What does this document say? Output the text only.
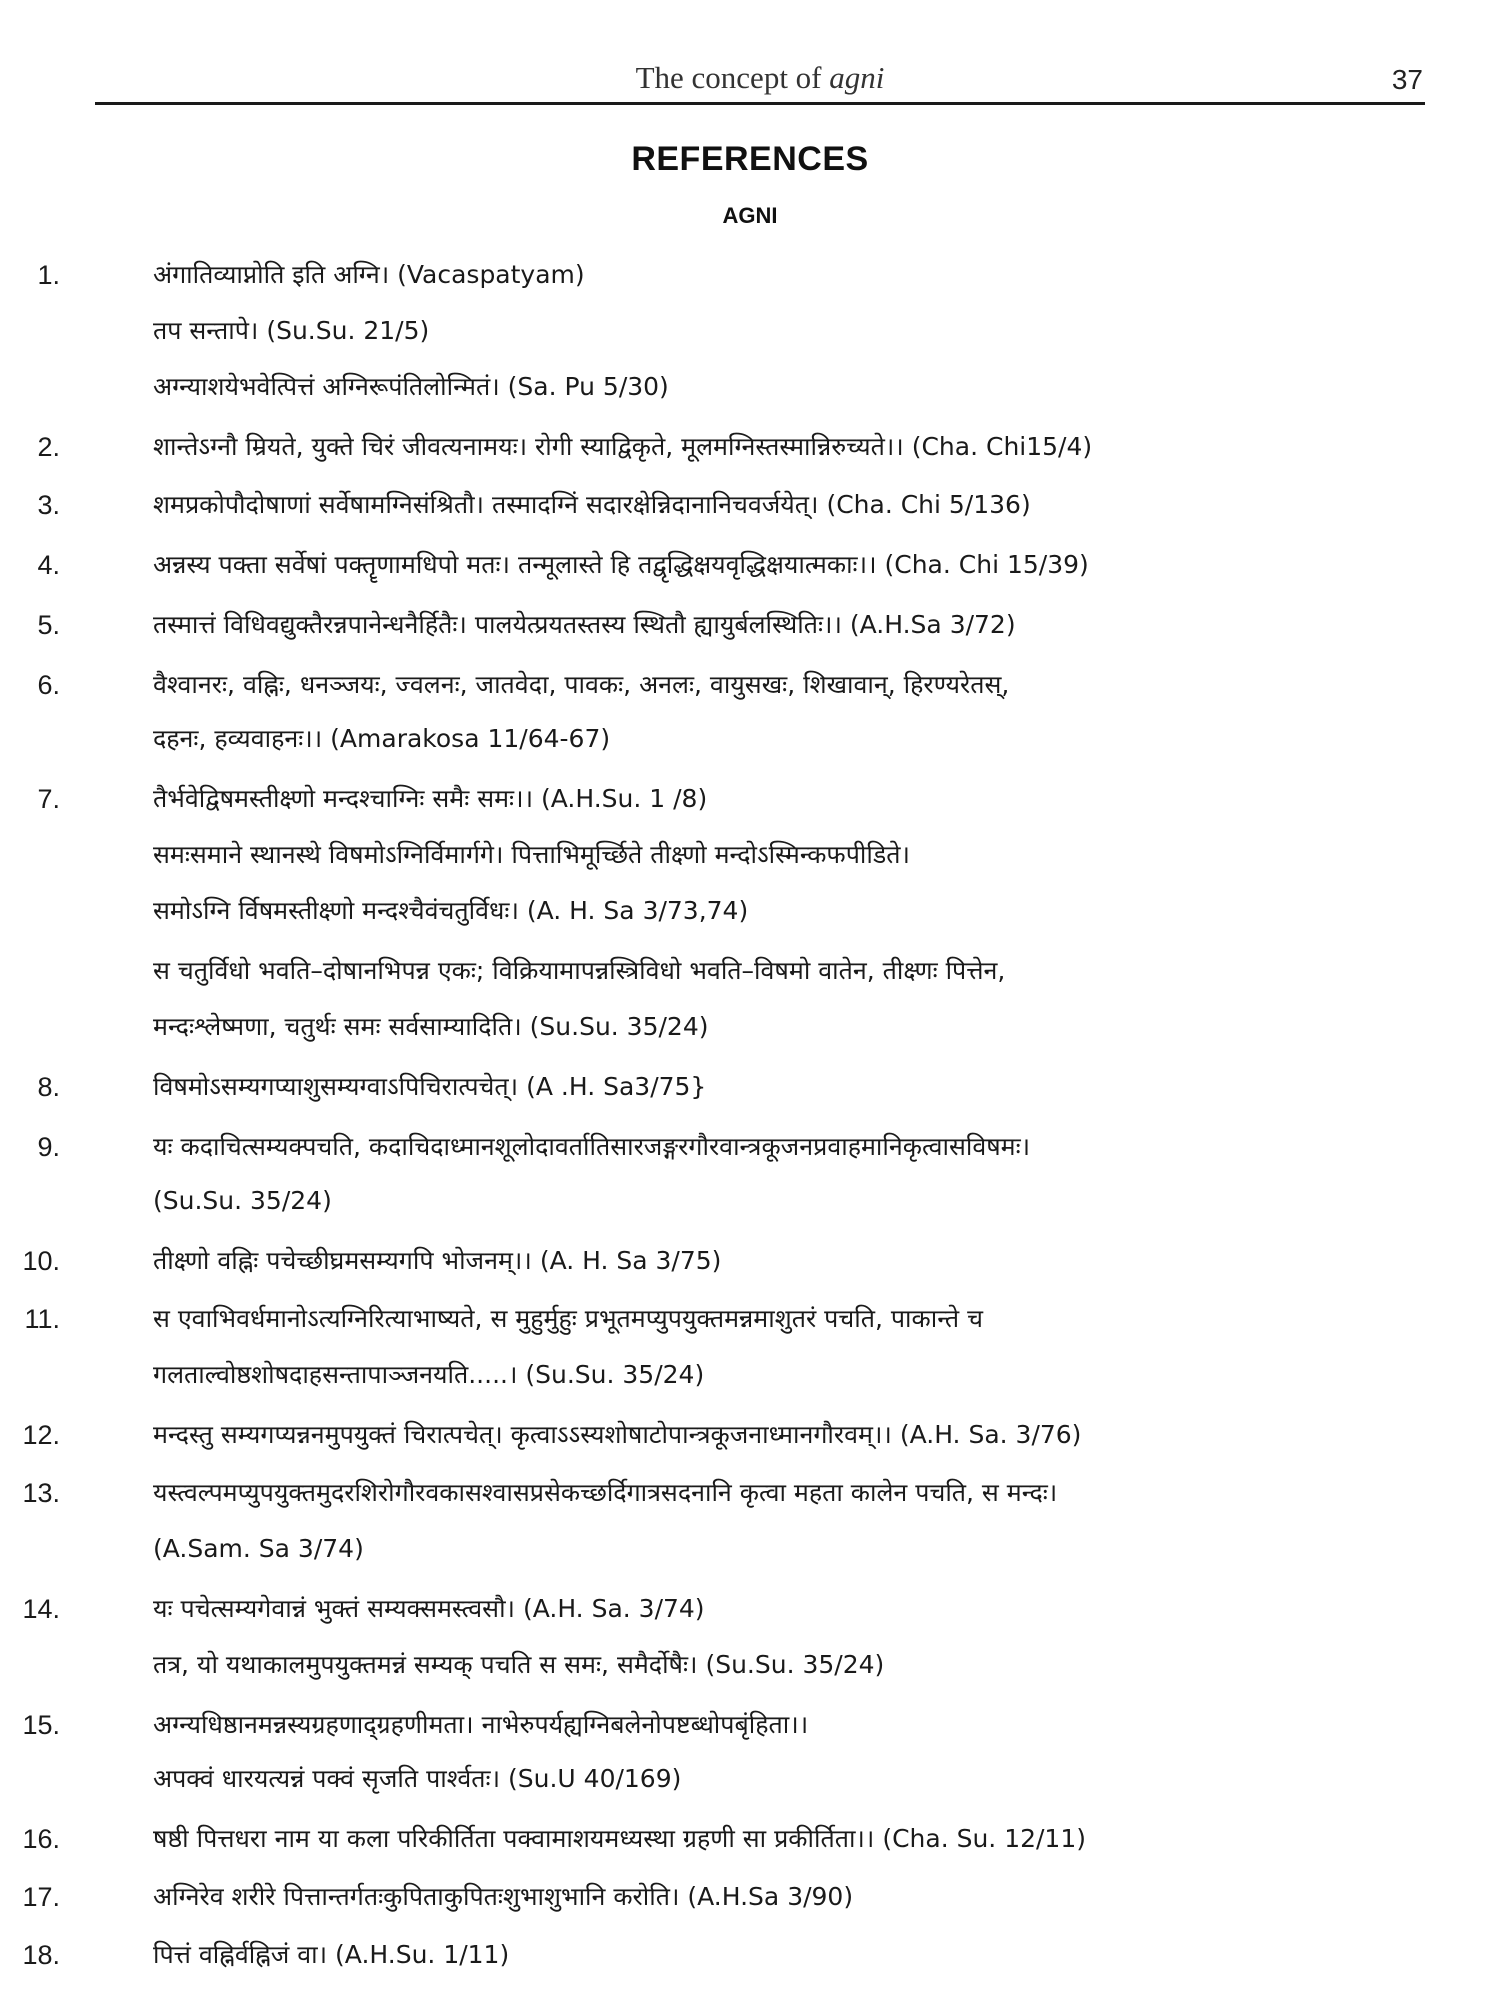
The concept of agni	37
REFERENCES
AGNI
1.	अंगातिव्याप्नोति इति अग्नि। (Vacaspatyam)
तप सन्तापे। (Su.Su. 21/5)
अग्न्याशयेभवेत्पित्तं अग्निरूपंतिलोन्मितं। (Sa. Pu 5/30)
2.	शान्तेऽग्नौ म्रियते, युक्ते चिरं जीवत्यनामयः। रोगी स्याद्विकृते, मूलमग्निस्तस्मान्निरुच्यते।। (Cha. Chi15/4)
3.	शमप्रकोपौदोषाणां सर्वेषामग्निसंश्रितौ। तस्मादग्निं सदारक्षेन्निदानानिचवर्जयेत्। (Cha. Chi 5/136)
4.	अन्नस्य पक्ता सर्वेषां पक्तॄणामधिपो मतः। तन्मूलास्ते हि तद्वृद्धिक्षयवृद्धिक्षयात्मकाः।। (Cha. Chi 15/39)
5.	तस्मात्तं विधिवद्युक्तैरन्नपानेन्धनैर्हितैः। पालयेत्प्रयतस्तस्य स्थितौ ह्यायुर्बलस्थितिः।। (A.H.Sa 3/72)
6.	वैश्वानरः, वह्निः, धनञ्जयः, ज्वलनः, जातवेदा, पावकः, अनलः, वायुसखः, शिखावान्, हिरण्यरेतस्,
दहनः, हव्यवाहनः।। (Amarakosa 11/64-67)
7.	तैर्भवेद्विषमस्तीक्ष्णो मन्दश्चाग्निः समैः समः।। (A.H.Su. 1 /8)
समःसमाने स्थानस्थे विषमोऽग्निर्विमार्गगे। पित्ताभिमूर्च्छिते तीक्ष्णो मन्दोऽस्मिन्कफपीडिते।
समोऽग्नि र्विषमस्तीक्ष्णो मन्दश्चैवंचतुर्विधः। (A. H. Sa 3/73,74)
स चतुर्विधो भवति–दोषानभिपन्न एकः; विक्रियामापन्नस्त्रिविधो भवति–विषमो वातेन, तीक्ष्णः पित्तेन,
मन्दःश्लेष्मणा, चतुर्थः समः सर्वसाम्यादिति। (Su.Su. 35/24)
8.	विषमोऽसम्यगप्याशुसम्यग्वाऽपिचिरात्पचेत्। (A .H. Sa3/75}
9.	यः कदाचित्सम्यक्पचति, कदाचिदाध्मानशूलोदावर्तातिसारजङ्गरगौरवान्त्रकूजनप्रवाहमानिकृत्वासविषमः।
(Su.Su. 35/24)
10.	तीक्ष्णो वह्निः पचेच्छीघ्रमसम्यगपि भोजनम्।। (A. H. Sa 3/75)
11.	स एवाभिवर्धमानोऽत्यग्निरित्याभाष्यते, स मुहुर्मुहुः प्रभूतमप्युपयुक्तमन्नमाशुतरं पचति, पाकान्ते च
गलताल्वोष्ठशोषदाहसन्तापाञ्जनयति.....। (Su.Su. 35/24)
12.	मन्दस्तु सम्यगप्यन्ननमुपयुक्तं चिरात्पचेत्। कृत्वाऽऽस्यशोषाटोपान्त्रकूजनाध्मानगौरवम्।। (A.H. Sa. 3/76)
13.	यस्त्वल्पमप्युपयुक्तमुदरशिरोगौरवकासश्वासप्रसेकच्छर्दिगात्रसदनानि कृत्वा महता कालेन पचति, स मन्दः।
(A.Sam. Sa 3/74)
14.	यः पचेत्सम्यगेवान्नं भुक्तं सम्यक्समस्त्वसौ। (A.H. Sa. 3/74)
तत्र, यो यथाकालमुपयुक्तमन्नं सम्यक् पचति स समः, समैर्दोषैः। (Su.Su. 35/24)
15.	अग्न्यधिष्ठानमन्नस्यग्रहणाद्ग्रहणीमता। नाभेरुपर्यह्यग्निबलेनोपष्टब्धोपबृंहिता।।
अपक्वं धारयत्यन्नं पक्वं सृजति पार्श्वतः। (Su.U 40/169)
16.	षष्ठी पित्तधरा नाम या कला परिकीर्तिता पक्वामाशयमध्यस्था ग्रहणी सा प्रकीर्तिता।। (Cha. Su. 12/11)
17.	अग्निरेव शरीरे पित्तान्तर्गतःकुपिताकुपितःशुभाशुभानि करोति। (A.H.Sa 3/90)
18.	पित्तं वह्निर्वह्निजं वा। (A.H.Su. 1/11)
